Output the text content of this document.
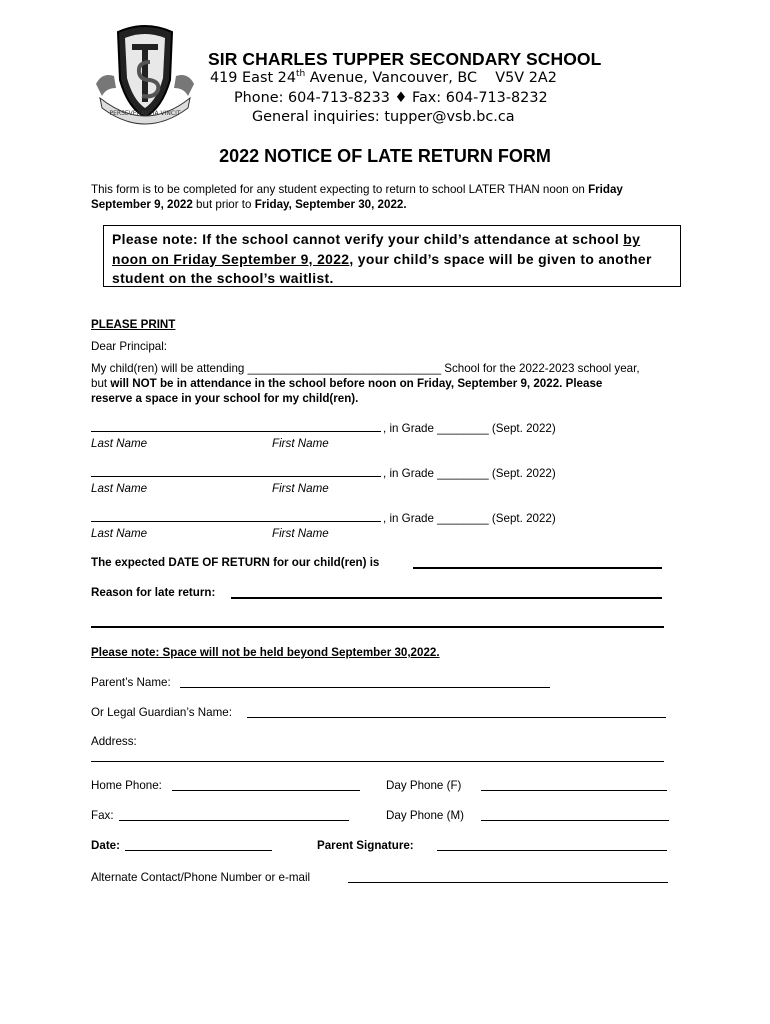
PERSEVERANTIA VINCIT
SIR CHARLES TUPPER SECONDARY SCHOOL
419 East 24th Avenue, Vancouver, BC    V5V 2A2
Phone: 604-713-8233 ♦ Fax: 604-713-8232
General inquiries: tupper@vsb.bc.ca
2022 NOTICE OF LATE RETURN FORM
This form is to be completed for any student expecting to return to school LATER THAN noon on Friday
September 9, 2022 but prior to Friday, September 30, 2022.

Please note: If the school cannot verify your child’s attendance at school by

noon on Friday September 9, 2022, your child’s space will be given to another

student on the school’s waitlist.

PLEASE PRINT
Dear Principal:
My child(ren) will be attending ______________________________ School for the 2022-2023 school year,
but will NOT be in attendance in the school before noon on Friday, September 9, 2022. Please
reserve a space in your school for my child(ren).
, in Grade ________ (Sept. 2022)
Last Name	First Name
, in Grade ________ (Sept. 2022)
Last Name	First Name
, in Grade ________ (Sept. 2022)
Last Name	First Name
The expected DATE OF RETURN for our child(ren) is
Reason for late return:
Please note: Space will not be held beyond September 30,2022.
Parent’s Name:
Or Legal Guardian’s Name:
Address:
Home Phone:	Day Phone (F)
Fax:	Day Phone (M)
Date:	Parent Signature:
Alternate Contact/Phone Number or e-mail
